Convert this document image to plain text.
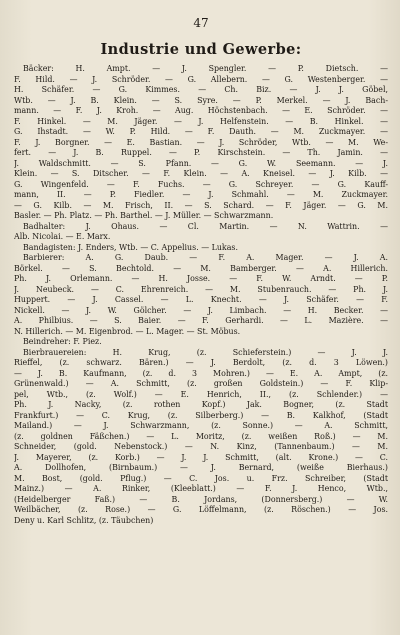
47
Industrie und Gewerbe:
Bäcker: H. Ampt. — J. Spengler. — P. Dietsch. —
F. Hild. — J. Schröder. — G. Allebern. — G. Westenberger. —
H. Schäfer. — G. Kimmes. — Ch. Biz. — J. J. Göbel,
Wtb. — J. B. Klein. — S. Syre. — P. Merkel. — J. Bach-
mann. — F. J. Kroh. — Aug. Höchstenbach. — E. Schröder. —
F. Hinkel. — M. Jäger. — J. Helfenstein. — B. Hinkel. —
G. Ihstadt. — W. P. Hild. — F. Dauth. — M. Zuckmayer. —
F. J. Borgner. — E. Bastian. — J. Schröder, Wtb. — M. We-
fert. — J. B. Ruppel. — P. Kirschstein. — Th. Jamin. —
J. Waldschmitt. — S. Pfann. — G. W. Seemann. — J.
Klein. — S. Ditscher. — F. Klein. — A. Kneisel. — J. Kilb. —
G. Wingenfeld. — F. Fuchs. — G. Schreyer. — G. Kauff-
mann, II. — P. Fiedler. — J. Schmahl. — M. Zuckmayer.
— G. Kilb. — M. Frisch, II. — S. Schard. — F. Jäger. — G. M.
Basler. — Ph. Platz. — Ph. Barthel. — J. Müller. — Schwarzmann.
Badhalter: J. Ohaus. — Cl. Martin. — N. Wattrin. —
Alb. Nicolai. — E. Marx.
Bandagisten: J. Enders, Wtb. — C. Appelius. — Lukas.
Barbierer: A. G. Daub. — F. A. Mager. — J. A.
Börkel. — S. Bechtold. — M. Bamberger. — A. Hillerich.
Ph. J. Orlemann. — H. Josse. — F. W. Arndt. — P.
J. Neubeck. — C. Ehrenreich. — M. Stubenrauch. — Ph. J.
Huppert. — J. Cassel. — L. Knecht. — J. Schäfer. — F.
Nickell. — J. W. Gölcher. — J. Limbach. — H. Becker. —
A. Philbius. — S. Baier. — F. Gerhardi. — L. Mazière. —
N. Hillerich. — M. Eigenbrod. — L. Mager. — St. Möbus.
Beindreher: F. Piez.
Bierbrauereien: H. Krug, (z. Schieferstein.) — J. J.
Rieffel, (z. schwarz. Bären.) — J. Berdolt, (z. d. 3 Löwen.)
— J. B. Kaufmann, (z. d. 3 Mohren.) — E. A. Ampt, (z.
Grünenwald.) — A. Schmitt, (z. großen Goldstein.) — F. Klip-
pel, Wtb., (z. Wolf.) — E. Henrich, II., (z. Schlender.) —
Ph. J. Nacky, (z. rothen Kopf.) Jak. Bogner, (z. Stadt
Frankfurt.) — C. Krug, (z. Silberberg.) — B. Kalkhof, (Stadt
Mailand.) — J. Schwarzmann, (z. Sonne.) — A. Schmitt,
(z. goldnen Fäßchen.) — L. Moritz, (z. weißen Roß.) — M.
Schneider, (gold. Nebenstock.) — N. Kinz, (Tannenbaum.) — M.
J. Mayerer, (z. Korb.) — J. J. Schmitt, (alt. Krone.) — C.
A. Dollhofen, (Birnbaum.) — J. Bernard, (weiße Bierhaus.)
M. Bost, (gold. Pflug.) — C. Jos. u. Frz. Schreiber, (Stadt
Mainz.) — A. Rinker, (Kleeblatt.) — F. J. Henco, Wtb.,
(Heidelberger Faß.) — B. Jordans, (Donnersberg.) — W.
Weilbächer, (z. Rose.) — G. Löffelmann, (z. Röschen.) — Jos.
Deny u. Karl Schlitz, (z. Täubchen)
